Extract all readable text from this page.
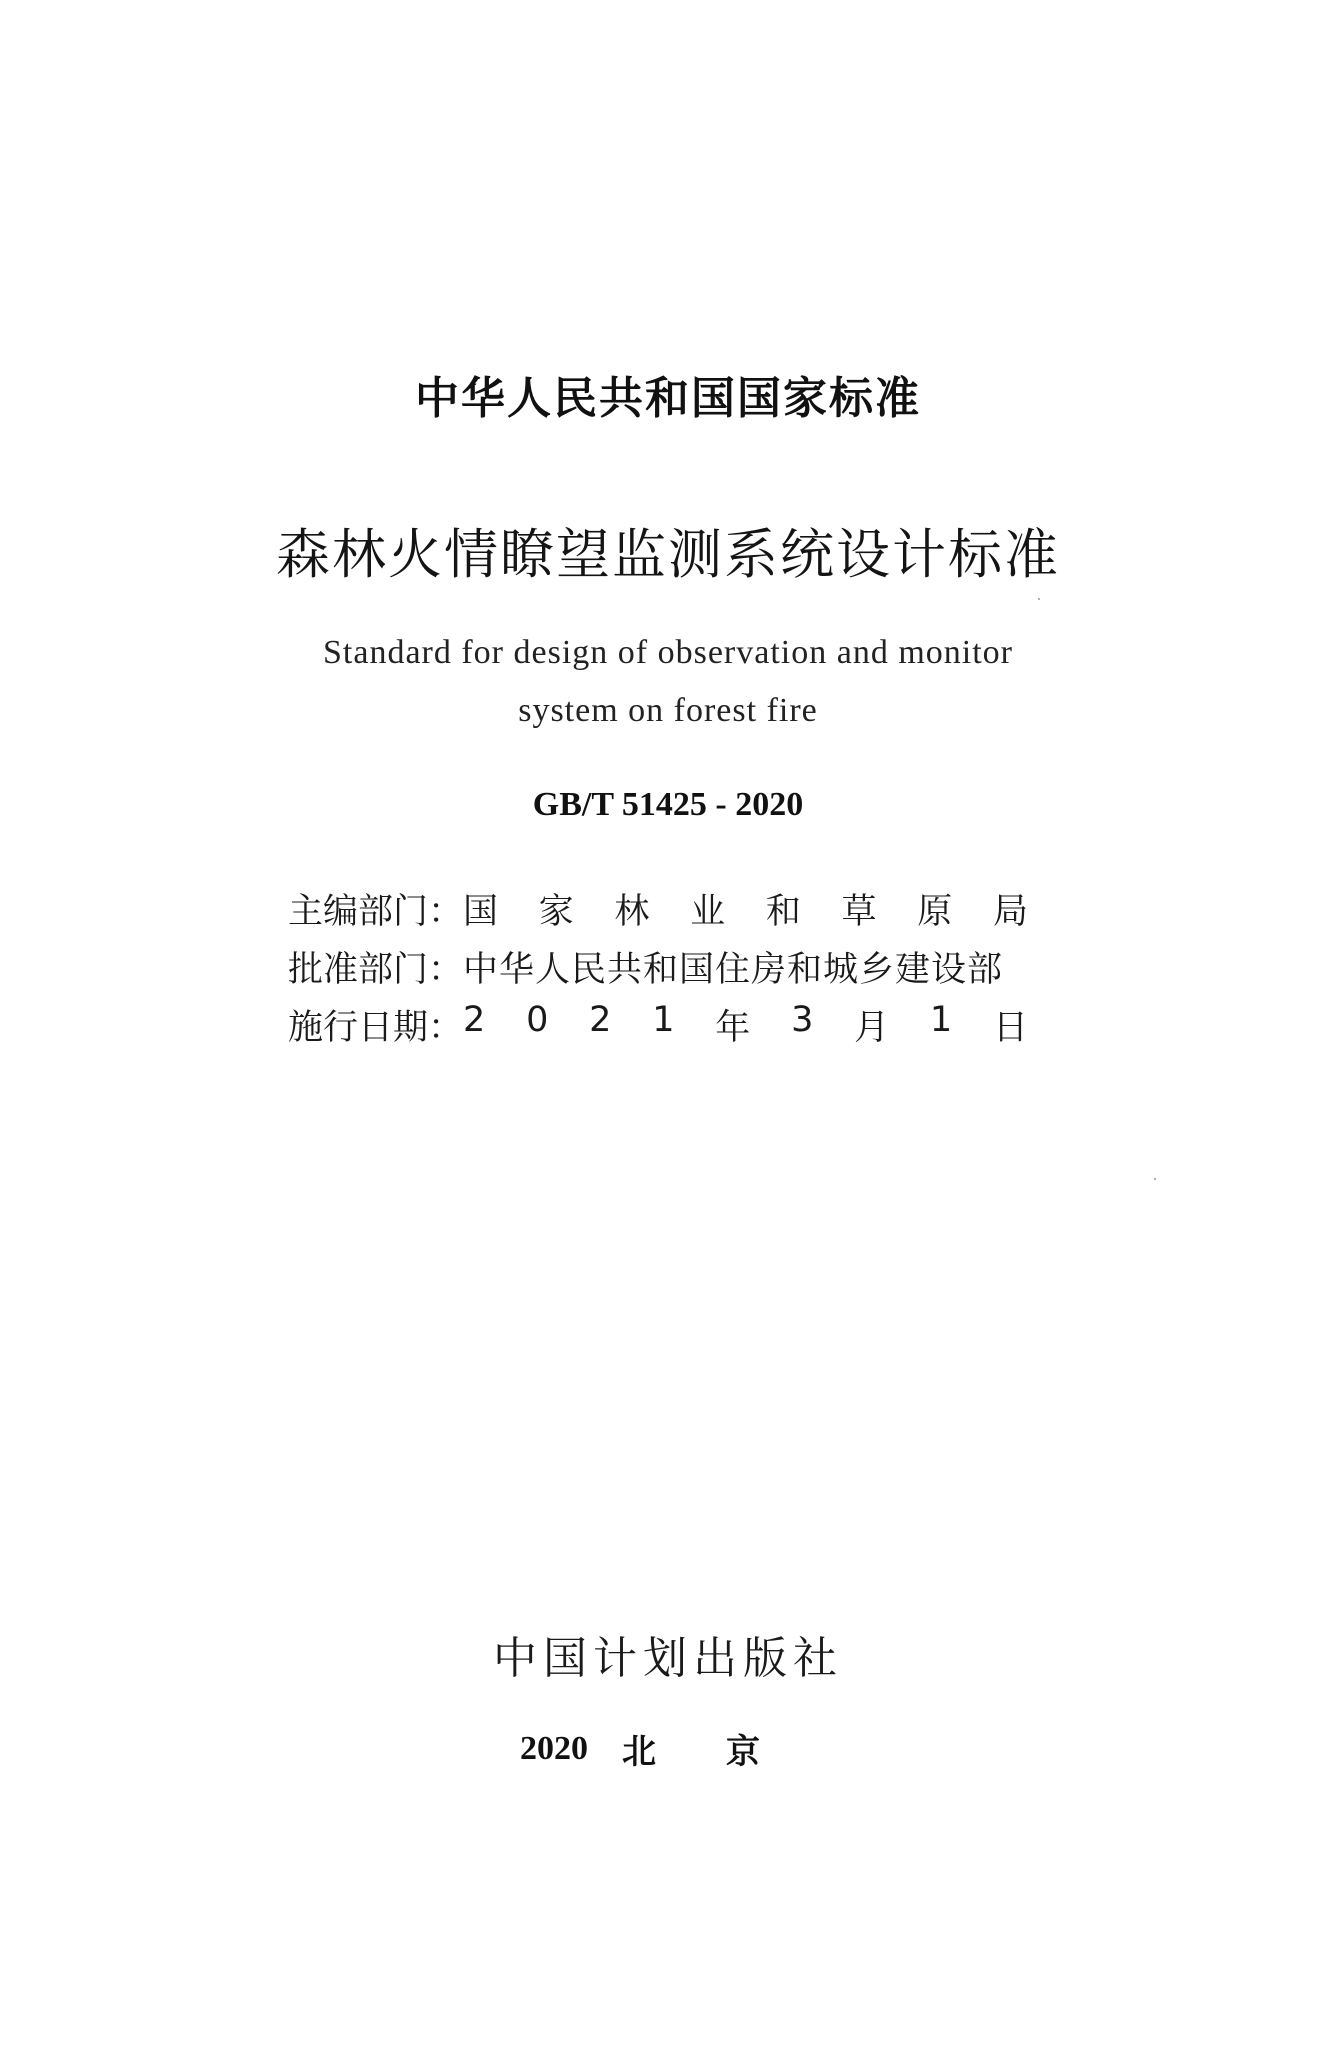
中华人民共和国国家标准
森林火情瞭望监测系统设计标准
Standard for design of observation and monitor
system on forest fire
GB/T 51425 - 2020
主编部门： 国 家 林 业 和 草 原 局
批准部门： 中华人民共和国住房和城乡建设部
施行日期： 2 0 2 1 年 3 月 1 日
中国计划出版社
2020 北 京
